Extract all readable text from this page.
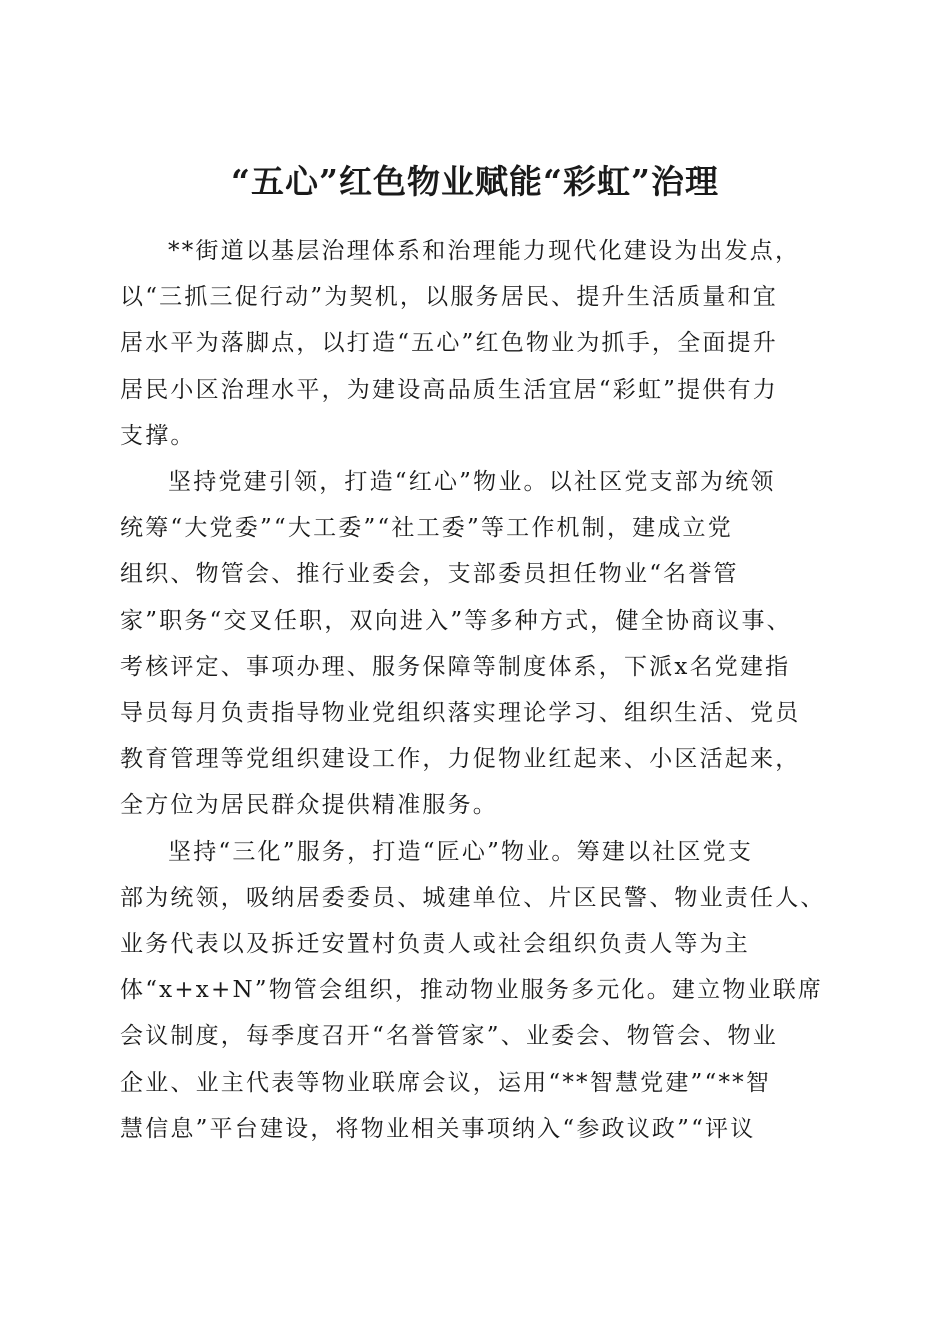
“五心”红色物业赋能“彩虹”治理

**街道以基层治理体系和治理能力现代化建设为出发点，
以“三抓三促行动”为契机，以服务居民、提升生活质量和宜
居水平为落脚点，以打造“五心”红色物业为抓手，全面提升
居民小区治理水平，为建设高品质生活宜居“彩虹”提供有力
支撑。

坚持党建引领，打造“红心”物业。以社区党支部为统领
统筹“大党委”“大工委”“社工委”等工作机制，建成立党
组织、物管会、推行业委会，支部委员担任物业“名誉管
家”职务“交叉任职，双向进入”等多种方式，健全协商议事、
考核评定、事项办理、服务保障等制度体系，下派x名党建指
导员每月负责指导物业党组织落实理论学习、组织生活、党员
教育管理等党组织建设工作，力促物业红起来、小区活起来，
全方位为居民群众提供精准服务。

坚持“三化”服务，打造“匠心”物业。筹建以社区党支
部为统领，吸纳居委委员、城建单位、片区民警、物业责任人、
业务代表以及拆迁安置村负责人或社会组织负责人等为主
体“x+x+N”物管会组织，推动物业服务多元化。建立物业联席
会议制度，每季度召开“名誉管家”、业委会、物管会、物业
企业、业主代表等物业联席会议，运用“**智慧党建”“**智
慧信息”平台建设，将物业相关事项纳入“参政议政”“评议
